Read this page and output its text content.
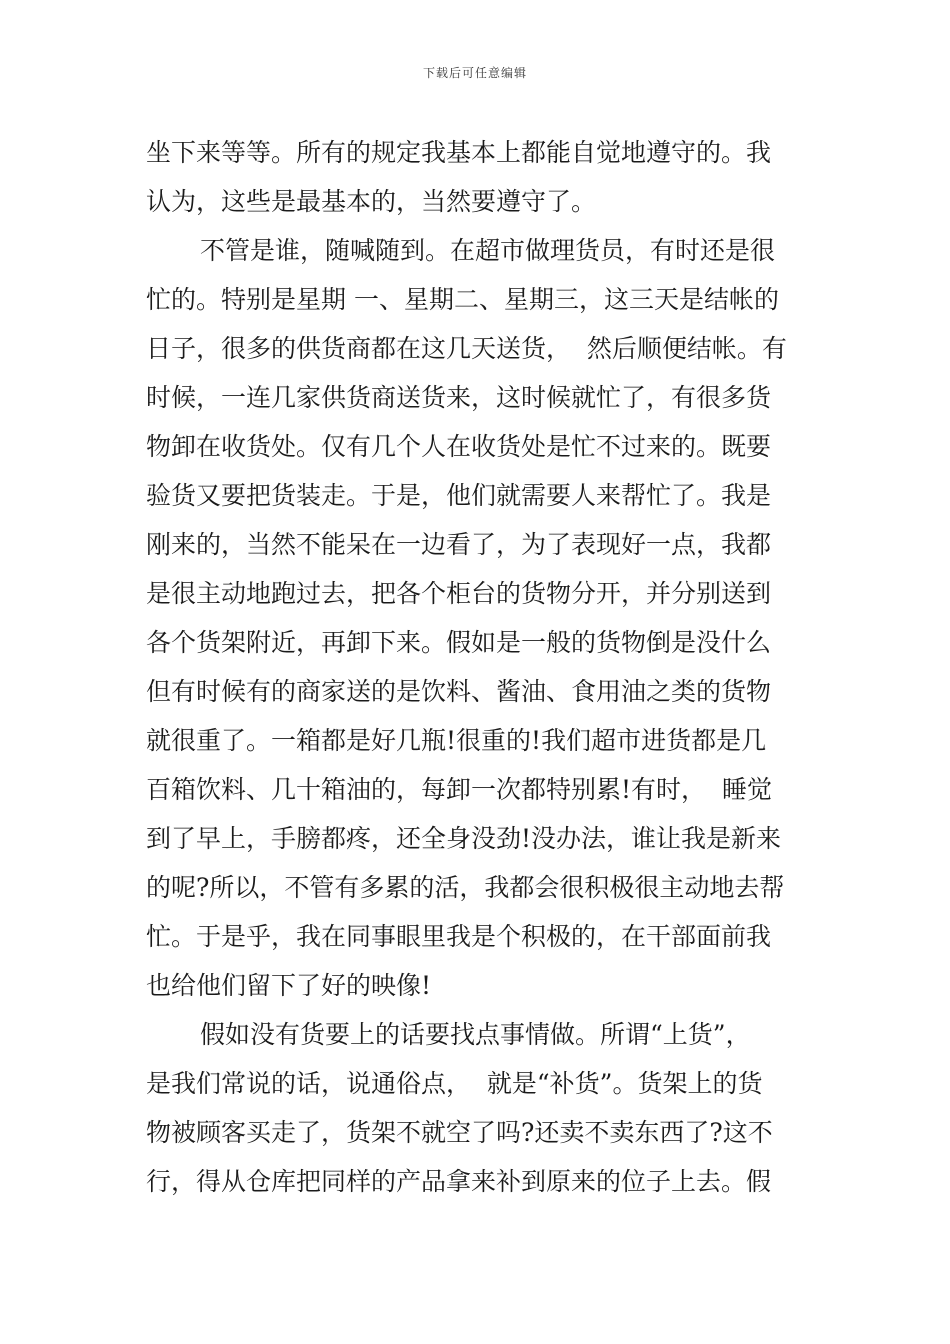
下载后可任意编辑
坐下来等等。所有的规定我基本上都能自觉地遵守的。我
认为，这些是最基本的，当然要遵守了。
不管是谁，随喊随到。在超市做理货员，有时还是很
忙的。特别是星期 一、星期二、星期三，这三天是结帐的
日子，很多的供货商都在这几天送货，  然后顺便结帐。有
时候，一连几家供货商送货来，这时候就忙了，有很多货
物卸在收货处。仅有几个人在收货处是忙不过来的。既要
验货又要把货装走。于是，他们就需要人来帮忙了。我是
刚来的，当然不能呆在一边看了，为了表现好一点，我都
是很主动地跑过去，把各个柜台的货物分开，并分别送到
各个货架附近，再卸下来。假如是一般的货物倒是没什么
但有时候有的商家送的是饮料、酱油、食用油之类的货物
就很重了。一箱都是好几瓶!很重的!我们超市进货都是几
百箱饮料、几十箱油的，每卸一次都特别累!有时，  睡觉
到了早上，手膀都疼，还全身没劲!没办法，谁让我是新来
的呢?所以，不管有多累的活，我都会很积极很主动地去帮
忙。于是乎，我在同事眼里我是个积极的，在干部面前我
也给他们留下了好的映像!
假如没有货要上的话要找点事情做。所谓“上货”，
是我们常说的话，说通俗点，  就是“补货”。货架上的货
物被顾客买走了，货架不就空了吗?还卖不卖东西了?这不
行，得从仓库把同样的产品拿来补到原来的位子上去。假
